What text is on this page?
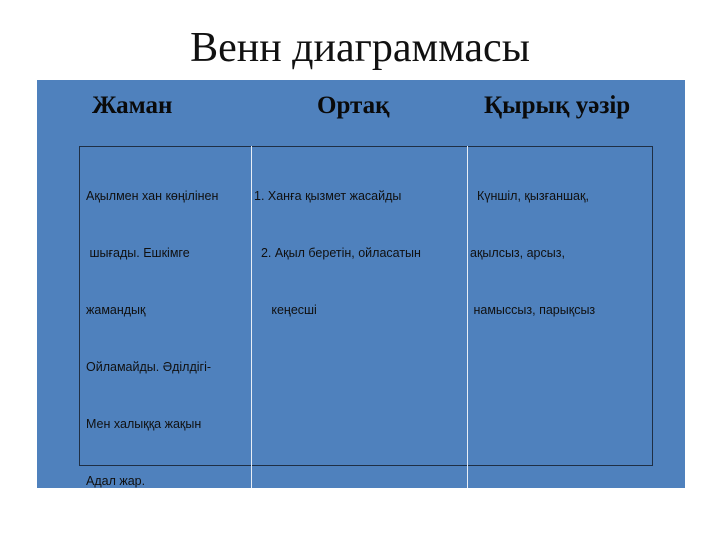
Венн диаграммасы
Жаман	Ортақ	Қырық уәзір

Ақылмен хан көңілінен

шығады. Ешкімге

жамандық

Ойламайды. Әділдігі-

Мен халыққа жақын

Адал жар.

1. Ханға қызмет жасайды

2. Ақыл беретін, ойласатын

кеңесші

Күншіл, қызғаншақ,

ақылсыз, арсыз,

намыссыз, парықсыз
